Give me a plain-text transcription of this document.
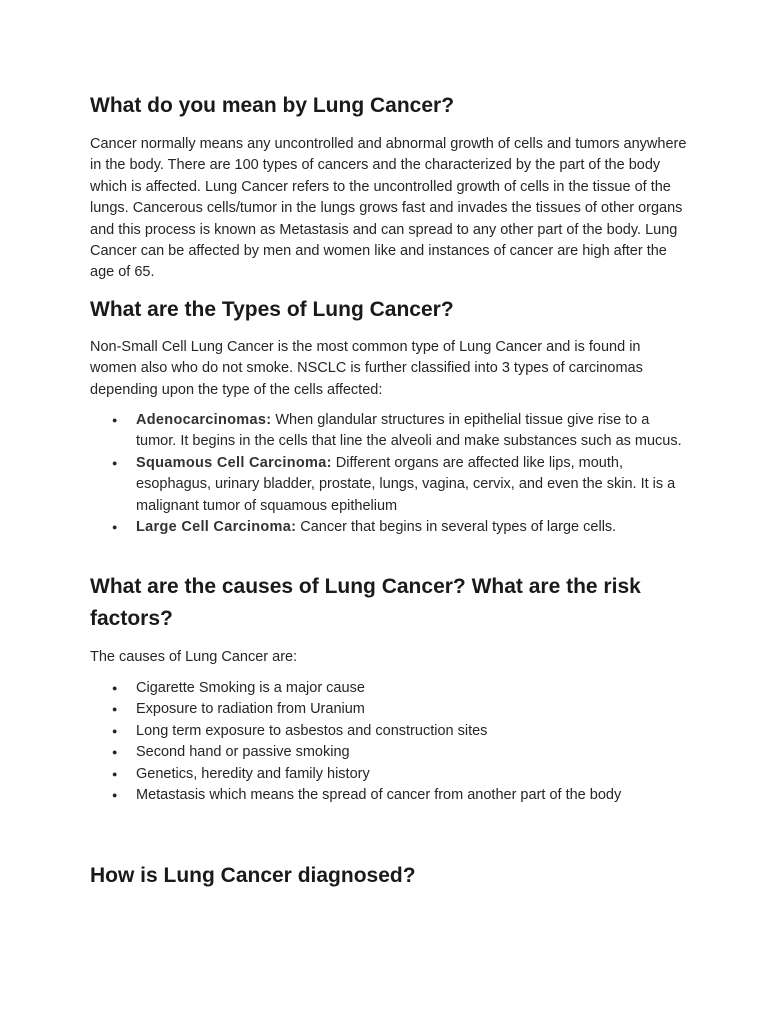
What do you mean by Lung Cancer?

Cancer normally means any uncontrolled and abnormal growth of cells and tumors anywhere in the body. There are 100 types of cancers and the characterized by the part of the body which is affected. Lung Cancer refers to the uncontrolled growth of cells in the tissue of the lungs. Cancerous cells/tumor in the lungs grows fast and invades the tissues of other organs and this process is known as Metastasis and can spread to any other part of the body. Lung Cancer can be affected by men and women like and instances of cancer are high after the age of 65.

What are the Types of Lung Cancer?

Non-Small Cell Lung Cancer is the most common type of Lung Cancer and is found in women also who do not smoke. NSCLC is further classified into 3 types of carcinomas depending upon the type of the cells affected:

● Adenocarcinomas: When glandular structures in epithelial tissue give rise to a tumor. It begins in the cells that line the alveoli and make substances such as mucus.
● Squamous Cell Carcinoma: Different organs are affected like lips, mouth, esophagus, urinary bladder, prostate, lungs, vagina, cervix, and even the skin. It is a malignant tumor of squamous epithelium
● Large Cell Carcinoma: Cancer that begins in several types of large cells.
What are the causes of Lung Cancer? What are the risk factors?

The causes of Lung Cancer are:

● Cigarette Smoking is a major cause
● Exposure to radiation from Uranium
● Long term exposure to asbestos and construction sites
● Second hand or passive smoking
● Genetics, heredity and family history
● Metastasis which means the spread of cancer from another part of the body
How is Lung Cancer diagnosed?
